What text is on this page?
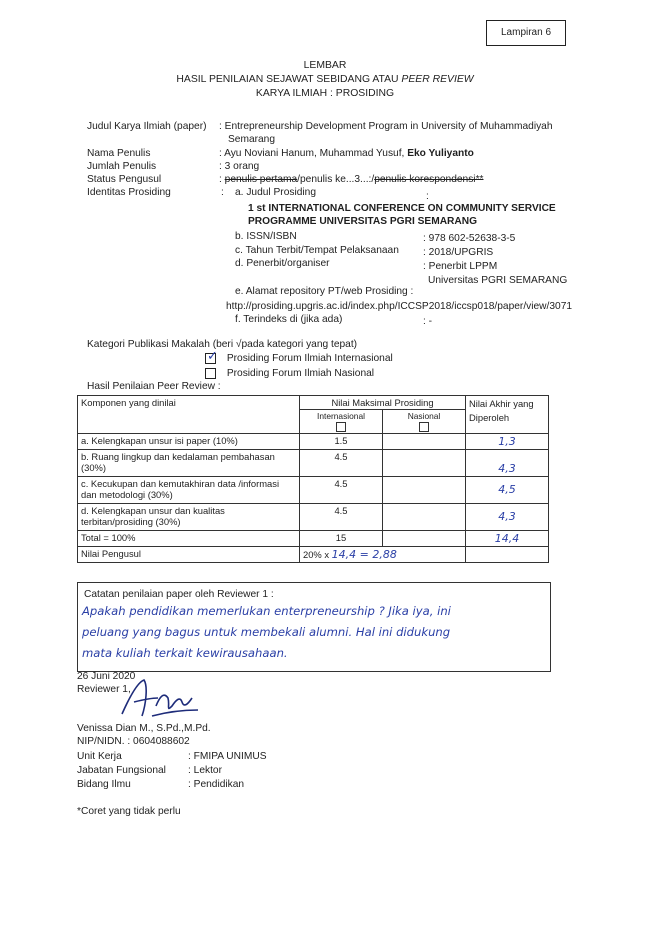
Lampiran 6
LEMBAR
HASIL PENILAIAN SEJAWAT SEBIDANG ATAU PEER REVIEW
KARYA ILMIAH : PROSIDING
Judul Karya Ilmiah (paper) : Entrepreneurship Development Program in University of Muhammadiyah
Semarang
Nama Penulis	: Ayu Noviani Hanum, Muhammad Yusuf, Eko Yuliyanto
Jumlah Penulis	: 3 orang
Status Pengusul	: penulis pertama/penulis ke...3...:/penulis korespondensi**
Identitas Prosiding	: a. Judul Prosiding	:
1 st INTERNATIONAL CONFERENCE ON COMMUNITY SERVICE
PROGRAMME UNIVERSITAS PGRI SEMARANG
b. ISSN/ISBN	: 978 602-52638-3-5
c. Tahun Terbit/Tempat Pelaksanaan : 2018/UPGRIS
d. Penerbit/organiser	: Penerbit LPPM
Universitas PGRI SEMARANG
e. Alamat repository PT/web Prosiding :
http://prosiding.upgris.ac.id/index.php/ICCSP2018/iccsp018/paper/view/3071
f. Terindeks di (jika ada)	: -
Kategori Publikasi Makalah (beri √pada kategori yang tepat)
✓ Prosiding Forum Ilmiah Internasional
Prosiding Forum Ilmiah Nasional
Hasil Penilaian Peer Review :
Komponen yang dinilai	Nilai Maksimal Prosiding		Nilai Akhir yang Diperoleh
	Internasional	Nasional	

a. Kelengkapan unsur isi paper (10%)	1.5		1,3
b. Ruang lingkup dan kedalaman pembahasan (30%)	4.5		4,3
c. Kecukupan dan kemutakhiran data /informasi dan metodologi (30%)	4.5		4,5
d. Kelengkapan unsur dan kualitas terbitan/prosiding (30%)	4.5		4,3
Total = 100%	15		14,4
Nilai Pengusul	20% x 14,4 = 2,88		
Catatan penilaian paper oleh Reviewer 1 :
Apakah pendidikan memerlukan enterpreneurship ? Jika iya, ini
peluang yang bagus untuk membekali alumni. Hal ini didukung
mata kuliah terkait kewirausahaan.
26 Juni 2020
Reviewer 1,
Venissa Dian M., S.Pd.,M.Pd.
NIP/NIDN. : 0604088602
Unit Kerja	: FMIPA UNIMUS
Jabatan Fungsional : Lektor
Bidang Ilmu	: Pendidikan
*Coret yang tidak perlu
